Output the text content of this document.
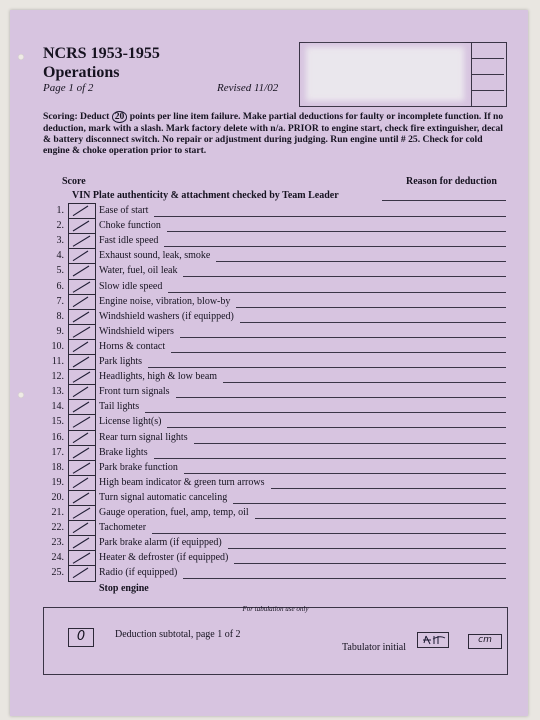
NCRS 1953-1955
Operations
Page 1 of 2	Revised 11/02
Scoring: Deduct 20 points per line item failure. Make partial deductions for faulty or incomplete function. If no deduction, mark with a slash. Mark factory delete with n/a. PRIOR to engine start, check fire extinguisher, decal & battery disconnect switch. No repair or adjustment during judging. Run engine until # 25. Check for cold engine & choke operation prior to start.
Score	Reason for deduction
VIN Plate authenticity & attachment checked by Team Leader
1.	Ease of start
2.	Choke function
3.	Fast idle speed
4.	Exhaust sound, leak, smoke
5.	Water, fuel, oil leak
6.	Slow idle speed
7.	Engine noise, vibration, blow-by
8.	Windshield washers (if equipped)
9.	Windshield wipers
10.	Horns & contact
11.	Park lights
12.	Headlights, high & low beam
13.	Front turn signals
14.	Tail lights
15.	License light(s)
16.	Rear turn signal lights
17.	Brake lights
18.	Park brake function
19.	High beam indicator & green turn arrows
20.	Turn signal automatic canceling
21.	Gauge operation, fuel, amp, temp, oil
22.	Tachometer
23.	Park brake alarm (if equipped)
24.	Heater & defroster (if equipped)
25.	Radio (if equipped)
Stop engine
For tabulation use only
0	Deduction subtotal, page 1 of 2
Tabulator initial
cm
